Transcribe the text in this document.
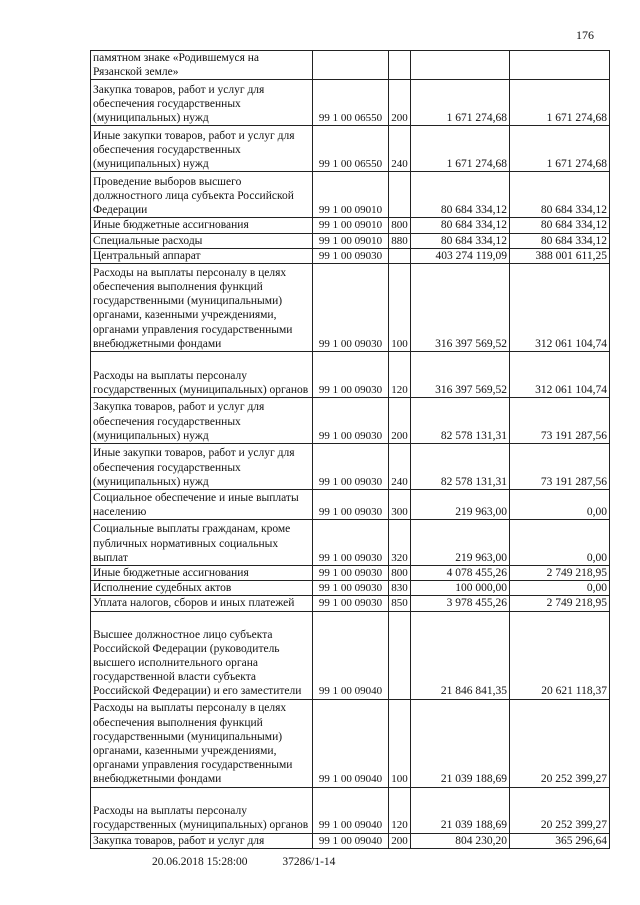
176
памятном знаке «Родившемуся на Рязанской земле»				
Закупка товаров, работ и услуг для обеспечения государственных (муниципальных) нужд	99 1 00 06550	200	1 671 274,68	1 671 274,68
Иные закупки товаров, работ и услуг для обеспечения государственных (муниципальных) нужд	99 1 00 06550	240	1 671 274,68	1 671 274,68
Проведение выборов высшего должностного лица субъекта Российской Федерации	99 1 00 09010		80 684 334,12	80 684 334,12
Иные бюджетные ассигнования	99 1 00 09010	800	80 684 334,12	80 684 334,12
Специальные расходы	99 1 00 09010	880	80 684 334,12	80 684 334,12
Центральный аппарат	99 1 00 09030		403 274 119,09	388 001 611,25
Расходы на выплаты персоналу в целях обеспечения выполнения функций государственными (муниципальными) органами, казенными учреждениями, органами управления государственными внебюджетными фондами	99 1 00 09030	100	316 397 569,52	312 061 104,74
Расходы на выплаты персоналу государственных (муниципальных) органов	99 1 00 09030	120	316 397 569,52	312 061 104,74
Закупка товаров, работ и услуг для обеспечения государственных (муниципальных) нужд	99 1 00 09030	200	82 578 131,31	73 191 287,56
Иные закупки товаров, работ и услуг для обеспечения государственных (муниципальных) нужд	99 1 00 09030	240	82 578 131,31	73 191 287,56
Социальное обеспечение и иные выплаты населению	99 1 00 09030	300	219 963,00	0,00
Социальные выплаты гражданам, кроме публичных нормативных социальных выплат	99 1 00 09030	320	219 963,00	0,00
Иные бюджетные ассигнования	99 1 00 09030	800	4 078 455,26	2 749 218,95
Исполнение судебных актов	99 1 00 09030	830	100 000,00	0,00
Уплата налогов, сборов и иных платежей	99 1 00 09030	850	3 978 455,26	2 749 218,95
Высшее должностное лицо субъекта Российской Федерации (руководитель высшего исполнительного органа государственной власти субъекта Российской Федерации) и его заместители	99 1 00 09040		21 846 841,35	20 621 118,37
Расходы на выплаты персоналу в целях обеспечения выполнения функций государственными (муниципальными) органами, казенными учреждениями, органами управления государственными внебюджетными фондами	99 1 00 09040	100	21 039 188,69	20 252 399,27
Расходы на выплаты персоналу государственных (муниципальных) органов	99 1 00 09040	120	21 039 188,69	20 252 399,27
Закупка товаров, работ и услуг для	99 1 00 09040	200	804 230,20	365 296,64
20.06.2018 15:28:00	37286/1-14
